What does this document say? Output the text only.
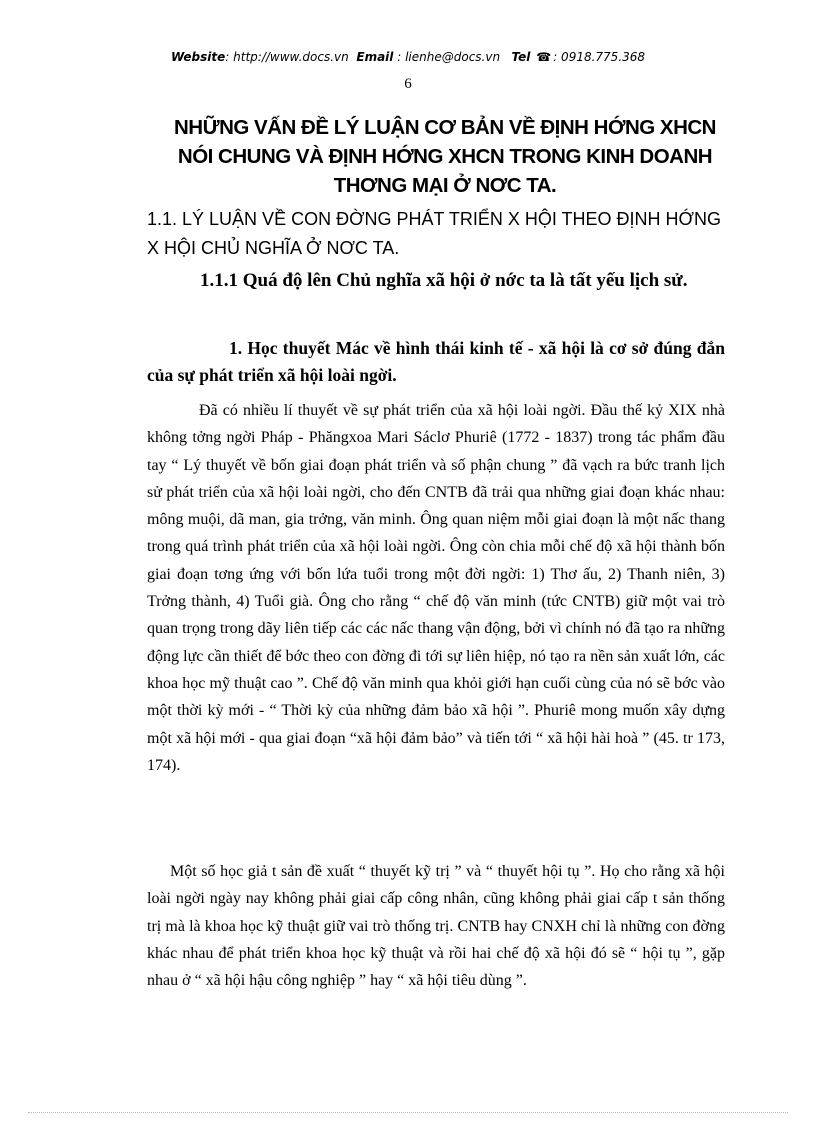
Website: http://www.docs.vn Email : lienhe@docs.vn Tel ☎ : 0918.775.368
6
NHỮNG VẤN ĐỀ LÝ LUẬN CƠ BẢN VỀ ĐỊNH HỚNG XHCN NÓI CHUNG VÀ ĐỊNH HỚNG XHCN TRONG KINH DOANH THƠNG MẠI Ở NƠC TA.
1.1. LÝ LUẬN VỀ CON ĐỜNG PHÁT TRIỂN X HỘI THEO ĐỊNH HỚNG X HỘI CHỦ NGHĨA Ở NƠC TA.
1.1.1 Quá độ lên Chủ nghĩa xã hội ở nớc ta là tất yếu lịch sử.
1. Học thuyết Mác về hình thái kinh tế - xã hội là cơ sở đúng đắn của sự phát triển xã hội loài ngời.
Đã có nhiều lí thuyết về sự phát triển của xã hội loài ngời. Đầu thế kỷ XIX nhà không tởng ngời Pháp - Phăngxoa Mari Sáclơ Phuriê (1772 - 1837) trong tác phẩm đầu tay “ Lý thuyết về bốn giai đoạn phát triển và số phận chung ” đã vạch ra bức tranh lịch sử phát triển của xã hội loài ngời, cho đến CNTB đã trải qua những giai đoạn khác nhau: mông muội, dã man, gia trởng, văn minh. Ông quan niệm mỗi giai đoạn là một nấc thang trong quá trình phát triển của xã hội loài ngời. Ông còn chia mỗi chế độ xã hội thành bốn giai đoạn tơng ứng với bốn lứa tuổi trong một đời ngời: 1) Thơ ấu, 2) Thanh niên, 3) Trởng thành, 4) Tuổi già. Ông cho rằng “ chế độ văn minh (tức CNTB) giữ một vai trò quan trọng trong dãy liên tiếp các các nấc thang vận động, bởi vì chính nó đã tạo ra những động lực cần thiết để bớc theo con đờng đi tới sự liên hiệp, nó tạo ra nền sản xuất lớn, các khoa học mỹ thuật cao ”. Chế độ văn minh qua khỏi giới hạn cuối cùng của nó sẽ bớc vào một thời kỳ mới - “ Thời kỳ của những đảm bảo xã hội ”. Phuriê mong muốn xây dựng một xã hội mới - qua giai đoạn “xã hội đảm bảo” và tiến tới “ xã hội hài hoà ” (45. tr 173, 174).
Một số học giả t sản đề xuất “ thuyết kỹ trị ” và “ thuyết hội tụ ”. Họ cho rằng xã hội loài ngời ngày nay không phải giai cấp công nhân, cũng không phải giai cấp t sản thống trị mà là khoa học kỹ thuật giữ vai trò thống trị. CNTB hay CNXH chỉ là những con đờng khác nhau để phát triển khoa học kỹ thuật và rồi hai chế độ xã hội đó sẽ “ hội tụ ”, gặp nhau ở “ xã hội hậu công nghiệp ” hay “ xã hội tiêu dùng ”.
